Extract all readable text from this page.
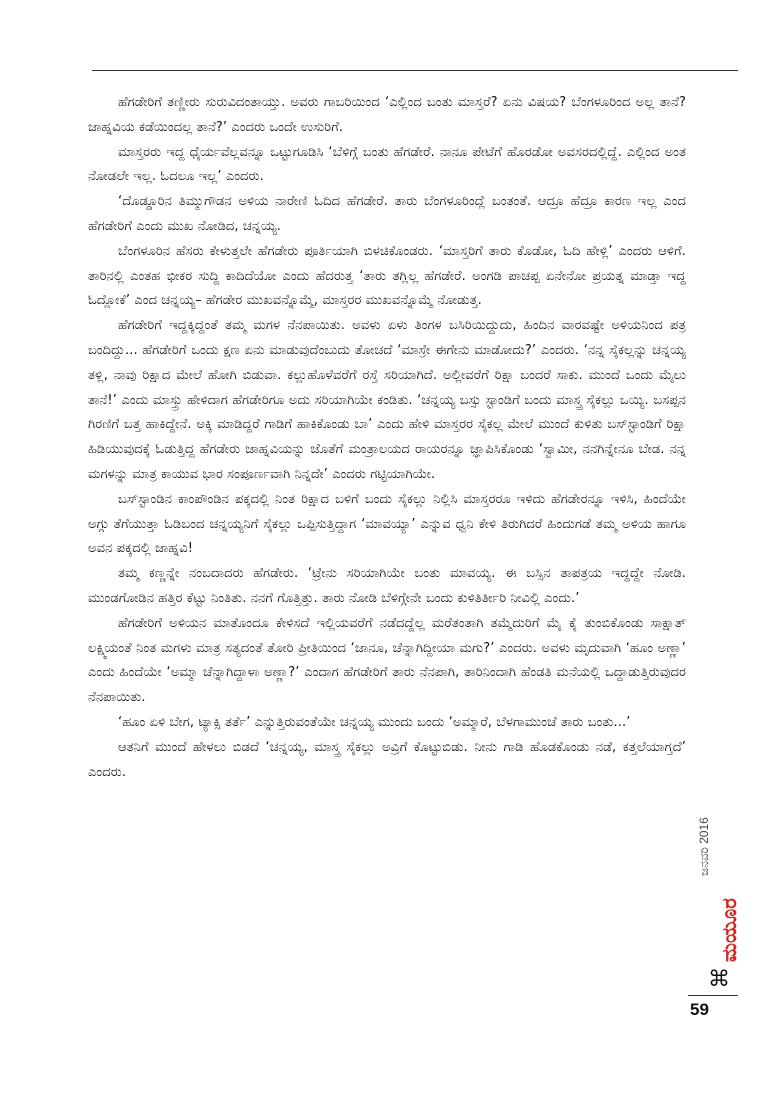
ಹೆಗಡೇರಿಗೆ ತಣ್ಣೀರು ಸುರುವಿದಂತಾಯ್ತು. ಅವರು ಗಾಬರಿಯಿಂದ ‘ಎಲ್ಲಿಂದ ಬಂತು ಮಾಸ್ತರೆ? ಏನು ವಿಷಯ? ಬೆಂಗಳೂರಿಂದ ಅಲ್ಲ ತಾನೆ? ಜಾಹ್ನವಿಯ ಕಡೆಯಿಂದಲ್ಲ ತಾನೆ?’ ಎಂದರು ಒಂದೇ ಉಸುರಿಗೆ.

ಮಾಸ್ತರರು ಇದ್ದ ಧೈರ್ಯವೆಲ್ಲವನ್ನೂ ಒಟ್ಟುಗೂಡಿಸಿ ‘ಬೆಳಿಗ್ಗೆ ಬಂತು ಹೆಗಡೇರೆ. ನಾನೂ ಪೇಟೆಗೆ ಹೊರಡೋ ಅವಸರದಲ್ಲಿದ್ದೆ. ಎಲ್ಲಿಂದ ಅಂತ ನೋಡಲೇ ಇಲ್ಲ. ಓದಲೂ ಇಲ್ಲ’ ಎಂದರು.

‘ದೊಡ್ಡೂರಿನ ತಿಮ್ಮುಗೌಡನ ಅಳಿಯ ನಾರೇಣಿ ಓದಿದ ಹೆಗಡೇರೆ. ತಾರು ಬೆಂಗಳೂರಿಂದ್ಲೆ ಬಂತಂತೆ. ಆದ್ರೂ ಹೆದ್ರೂ ಕಾರಣ ಇಲ್ಲ ಎಂದ ಹೆಗಡೇರಿಗೆ ಎಂದು ಮುಖ ನೋಡಿದ, ಚನ್ನಯ್ಯ.

ಬೆಂಗಳೂರಿನ ಹೆಸರು ಕೇಳುತ್ತಲೇ ಹೆಗಡೇರು ಪೂರ್ತಿಯಾಗಿ ಬಿಳಚಿಕೊಂಡರು. ‘ಮಾಸ್ತರಿಗೆ ತಾರು ಕೊಡೋ, ಓದಿ ಹೇಳ್ಲಿ’ ಎಂದರು ಆಳಿಗೆ. ತಾರಿನಲ್ಲಿ ಎಂತಹ ಭೀಕರ ಸುದ್ದಿ ಕಾದಿದೆಯೋ ಎಂದು ಹೆದರುತ್ತ ‘ತಾರು ತಗ್ಲಿಲ್ಲ ಹೆಗಡೇರೆ. ಅಂಗಡಿ ಪಾಚಪ್ಪ ಏನೇನೋ ಪ್ರಯತ್ನ ಮಾಡ್ತಾ ಇದ್ದ ಓದ್ಲೋಕೆ’ ಎಂದ ಚನ್ನಯ್ಯ– ಹೆಗಡೇರ ಮುಖವನ್ನೊಮ್ಮೆ, ಮಾಸ್ತರರ ಮುಖವನ್ನೊಮ್ಮೆ ನೋಡುತ್ತ.

ಹೆಗಡೇರಿಗೆ ಇದ್ದಕ್ಕಿದ್ದಂತೆ ತಮ್ಮ ಮಗಳ ನೆನಪಾಯಿತು. ಅವಳು ಏಳು ತಿಂಗಳ ಬಸಿರಿಯಿದ್ದುದು, ಹಿಂದಿನ ವಾರವಷ್ಟೇ ಅಳಿಯನಿಂದ ಪತ್ರ ಬಂದಿದ್ದು... ಹೆಗಡೇರಿಗೆ ಒಂದು ಕ್ಷಣ ಏನು ಮಾಡುವುದೆಂಬುದು ತೋಚದೆ ‘ಮಾಸ್ರೇ ಈಗೇನು ಮಾಡೋದು?’ ಎಂದರು. ‘ನನ್ನ ಸೈಕಲ್ಲನ್ನು ಚನ್ನಯ್ಯ ತಳ್ಲಿ, ನಾವು ರಿಕ್ಷಾದ ಮೇಲೆ ಹೋಗಿ ಬಿಡುವಾ. ಕಲ್ಲುಹೊಳೆವರೆಗೆ ರಸ್ತೆ ಸರಿಯಾಗಿದೆ. ಅಲ್ಲೀವರೆಗೆ ರಿಕ್ಷಾ ಬಂದರೆ ಸಾಕು. ಮುಂದೆ ಒಂದು ಮೈಲು ತಾನೆ!’ ಎಂದು ಮಾಸ್ತ್ರು ಹೇಳಿದಾಗ ಹೆಗಡೇರಿಗೂ ಅದು ಸರಿಯಾಗಿಯೇ ಕಂಡಿತು. ‘ಚನ್ನಯ್ಯ ಬಸ್ಸು ಸ್ಟಾಂಡಿಗೆ ಬಂದು ಮಾಸ್ತ್ರ ಸೈಕಲ್ಲು ಒಯ್ಯಿ. ಬಸಪ್ಪನ ಗಿರಣಿಗೆ ಬತ್ತ ಹಾಕಿದ್ದೇನೆ. ಅಕ್ಕಿ ಮಾಡಿದ್ದರೆ ಗಾಡಿಗೆ ಹಾಕಿಕೊಂಡು ಬಾ’ ಎಂದು ಹೇಳಿ ಮಾಸ್ತರರ ಸೈಕಲ್ಲ ಮೇಲೆ ಮುಂದೆ ಕುಳಿತು ಬಸ್‌ಸ್ಟಾಂಡಿಗೆ ರಿಕ್ಷಾ ಹಿಡಿಯುವುದಕ್ಕೆ ಓಡುತ್ತಿದ್ದ ಹೆಗಡೇರು ಜಾಹ್ನವಿಯನ್ನು ಜೊತೆಗೆ ಮಂತ್ರಾಲಯದ ರಾಯರನ್ನೂ ಜ್ಞಾಪಿಸಿಕೊಂಡು ‘ಸ್ವಾಮೀ, ನನಗಿನ್ನೇನೂ ಬೇಡ. ನನ್ನ ಮಗಳನ್ನು ಮಾತ್ರ ಕಾಯುವ ಭಾರ ಸಂಪೂರ್ಣವಾಗಿ ನಿನ್ನದೇ’ ಎಂದರು ಗಟ್ಟಿಯಾಗಿಯೇ.

ಬಸ್‌ಸ್ಟಾಂಡಿನ ಕಾಂಪೌಂಡಿನ ಪಕ್ಕದಲ್ಲಿ ನಿಂತ ರಿಕ್ಷಾದ ಬಳಿಗೆ ಬಂದು ಸೈಕಲ್ಲು ನಿಲ್ಲಿಸಿ ಮಾಸ್ತರರೂ ಇಳಿದು ಹೆಗಡೇರನ್ನೂ ಇಳಿಸಿ, ಹಿಂದೆಯೇ ಅಗ್ಗು ತೆಗೆಯುತ್ತಾ ಓಡಿಬಂದ ಚನ್ನಯ್ಯನಿಗೆ ಸೈಕಲ್ಲು ಒಪ್ಪಿಸುತ್ತಿದ್ದಾಗ ‘ಮಾವಯ್ಯಾ’ ಎನ್ನುವ ಧ್ವನಿ ಕೇಳಿ ತಿರುಗಿದರೆ ಹಿಂದುಗಡೆ ತಮ್ಮ ಅಳಿಯ ಹಾಗೂ ಅವನ ಪಕ್ಕದಲ್ಲಿ ಜಾಹ್ನವಿ!

ತಮ್ಮ ಕಣ್ಣನ್ನೇ ನಂಬದಾದರು ಹೆಗಡೇರು. ‘ಟ್ರೇನು ಸರಿಯಾಗಿಯೇ ಬಂತು ಮಾವಯ್ಯ. ಈ ಬಸ್ಸಿನ ತಾಪತ್ರಯ ಇದ್ದದ್ದೇ ನೋಡಿ. ಮುಂಡಗೋಡಿನ ಹತ್ತಿರ ಕೆಟ್ಟು ನಿಂತಿತು. ನನಗೆ ಗೊತ್ತಿತ್ತು. ತಾರು ನೋಡಿ ಬೆಳಿಗ್ಗೇನೇ ಬಂದು ಕುಳಿತಿರ್ತೀರಿ ನೀವಿಲ್ಲಿ ಎಂದು.’

ಹೆಗಡೇರಿಗೆ ಅಳಿಯನ ಮಾತೊಂದೂ ಕೇಳಿಸದೆ ಇಲ್ಲಿಯವರೆಗೆ ನಡೆದದ್ದೆಲ್ಲ ಮರೆತಂತಾಗಿ ತಮ್ಮೆದುರಿಗೆ ಮೈ ಕೈ ತುಂಬಿಕೊಂಡು ಸಾಕ್ಷಾತ್ ಲಕ್ಷ್ಮಿಯಂತೆ ನಿಂತ ಮಗಳು ಮಾತ್ರ ಸತ್ಯದಂತೆ ತೋರಿ ಪ್ರೀತಿಯಿಂದ ‘ಜಾನೂ, ಚೆನ್ನಾಗಿದ್ದೀಯಾ ಮಗು?’ ಎಂದರು. ಅವಳು ಮೃದುವಾಗಿ ‘ಹೂಂ ಅಣ್ಣಾ’ ಎಂದು ಹಿಂದೆಯೇ ‘ಅಮ್ಮಾ ಚೆನ್ನಾಗಿದ್ದಾಳಾ ಅಣ್ಣಾ?’ ಎಂದಾಗ ಹೆಗಡೇರಿಗೆ ತಾರು ನೆನಪಾಗಿ, ತಾರಿನಿಂದಾಗಿ ಹೆಂಡತಿ ಮನೆಯಲ್ಲಿ ಒದ್ದಾಡುತ್ತಿರುವುದರ ನೆನಪಾಯಿತು.

‘ಹೂಂ ಏಳಿ ಬೇಗ, ಟ್ಯಾಕ್ಸಿ ತರ್ತೆ’ ಎನ್ನುತ್ತಿರುವಂತೆಯೇ ಚನ್ನಯ್ಯ ಮುಂದು ಬಂದು ‘ಅಮ್ಮಾರೆ, ಬೆಳಗಾಮುಂಚೆ ತಾರು ಬಂತು...’

ಆತನಿಗೆ ಮುಂದೆ ಹೇಳಲು ಬಿಡದೆ ‘ಚನ್ನಯ್ಯ, ಮಾಸ್ತ್ರ ಸೈಕಲ್ಲು ಅವ್ರಿಗೆ ಕೊಟ್ಟುಬಿಡು. ನೀನು ಗಾಡಿ ಹೊಡಕೊಂಡು ನಡೆ, ಕತ್ತಲೆಯಾಗ್ತದೆ’ ಎಂದರು.

ಜನವರಿ 2016
ಮಯೂರ
⌘
59
